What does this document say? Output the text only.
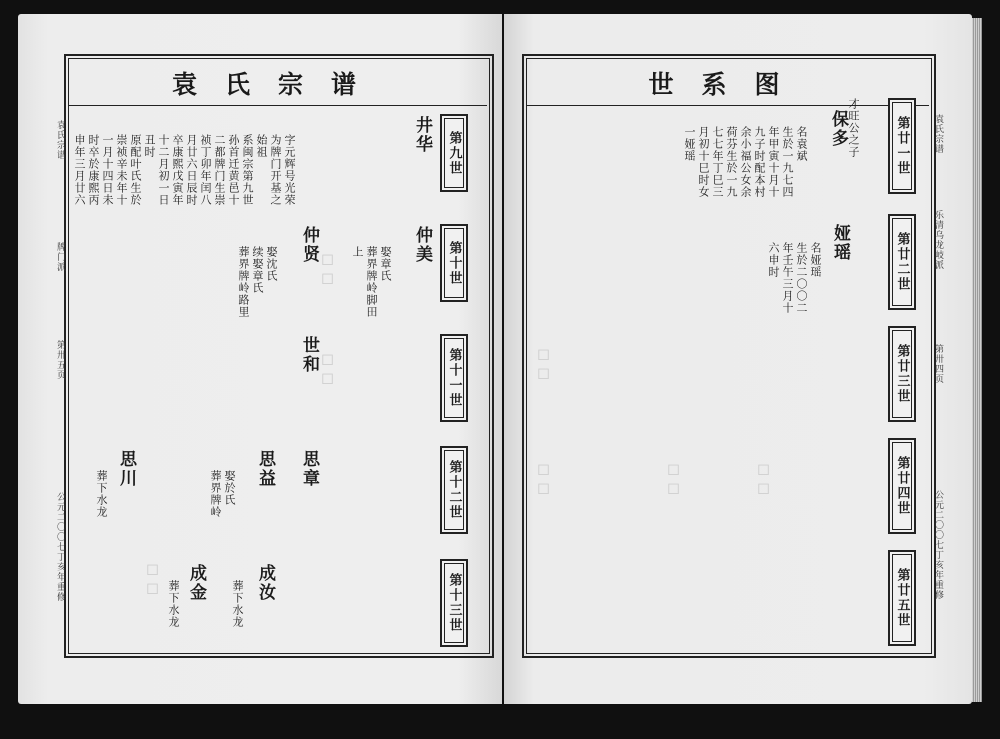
袁氏宗谱
袁氏宗谱
牌门派
第卅五页
公元二〇〇七丁亥年重修
第九世
第十世
第十一世
第十二世
第十三世
◻◻
◻◻
◻◻
井华
字元辉号光荣
为牌门开基之
始祖
系闽宗第九世
孙首迁黄邑十
二都牌门生崇
祯丁卯年闰八
月廿六日辰时
卒康熙戊寅年
十二月初一日
丑时
原配叶氏生於
崇祯辛未年十
一月十四日未
时卒於康熙丙
申年三月廿六
仲美
娶章氏
葬界牌岭脚田
上
仲贤
娶沈氏
续娶章氏
葬界牌岭路里
世和
思章
思益
娶於氏
葬界牌岭
思川
葬下水龙
成汝
葬下水龙
成金
葬下水龙
世系图
袁氏宗谱
乐清乌龙岐派
第卅四页
公元二〇〇七丁亥年重修
第廿一世
第廿二世
第廿三世
第廿四世
第廿五世
◻◻
◻◻	◻◻	◻◻
才旺公之子
保多
名袁斌
生於一九七四
年甲寅十月十
九子时配本村
余小福公女余
荷芬生於一九
七七年丁巳三
月初十巳时女
一娅瑶
娅瑶
名娅瑶
生於二〇〇二
年壬午三月十
六申时
